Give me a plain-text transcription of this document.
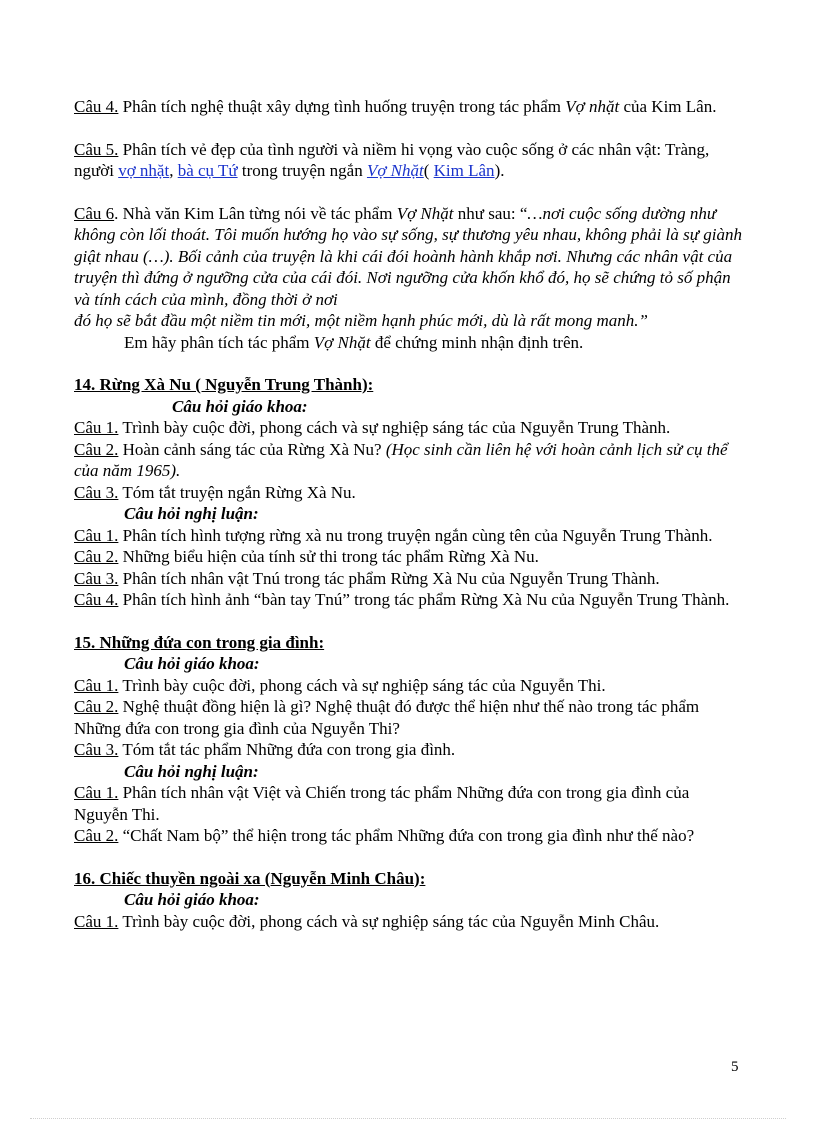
Câu 4. Phân tích nghệ thuật xây dựng tình huống truyện trong tác phẩm Vợ nhặt của Kim Lân.

Câu 5. Phân tích vẻ đẹp của tình người và niềm hi vọng vào cuộc sống ở các nhân vật: Tràng, người vợ nhặt, bà cụ Tứ trong truyện ngắn Vợ Nhặt( Kim Lân).

Câu 6. Nhà văn Kim Lân từng nói về tác phẩm Vợ Nhặt như sau: “…nơi cuộc sống dường như không còn lối thoát. Tôi muốn hướng họ vào sự sống, sự thương yêu nhau, không phải là sự giành giật nhau (…). Bối cảnh của truyện là khi cái đói hoành hành khắp nơi. Nhưng các nhân vật của truyện thì đứng ở ngưỡng cửa của cái đói. Nơi ngưỡng cửa khốn khổ đó, họ sẽ chứng tỏ số phận và tính cách của mình, đồng thời ở nơi

đó họ sẽ bắt đầu một niềm tin mới, một niềm hạnh phúc mới, dù là rất mong manh.”

Em hãy phân tích tác phẩm Vợ Nhặt để chứng minh nhận định trên.

14. Rừng Xà Nu ( Nguyễn Trung Thành):

Câu hỏi giáo khoa:

Câu 1. Trình bày cuộc đời, phong cách và sự nghiệp sáng tác của Nguyễn Trung Thành.

Câu 2. Hoàn cảnh sáng tác của Rừng Xà Nu? (Học sinh cần liên hệ với hoàn cảnh lịch sử cụ thể của năm 1965).

Câu 3. Tóm tắt truyện ngắn Rừng Xà Nu.

Câu hỏi nghị luận:

Câu 1. Phân tích hình tượng rừng xà nu trong truyện ngắn cùng tên của Nguyễn Trung Thành.

Câu 2. Những biểu hiện của tính sử thi trong tác phẩm Rừng Xà Nu.

Câu 3. Phân tích nhân vật Tnú trong tác phẩm Rừng Xà Nu của Nguyễn Trung Thành.

Câu 4. Phân tích hình ảnh “bàn tay Tnú” trong tác phẩm Rừng Xà Nu của Nguyễn Trung Thành.

15. Những đứa con trong gia đình:

Câu hỏi giáo khoa:

Câu 1. Trình bày cuộc đời, phong cách và sự nghiệp sáng tác của Nguyễn Thi.

Câu 2. Nghệ thuật đồng hiện là gì? Nghệ thuật đó được thể hiện như thế nào trong tác phẩm Những đứa con trong gia đình của Nguyễn Thi?

Câu 3. Tóm tắt tác phẩm Những đứa con trong gia đình.

Câu hỏi nghị luận:

Câu 1. Phân tích nhân vật Việt và Chiến trong tác phẩm Những đứa con trong gia đình của Nguyễn Thi.

Câu 2. “Chất Nam bộ” thể hiện trong tác phẩm Những đứa con trong gia đình như thế nào?

16. Chiếc thuyền ngoài xa (Nguyễn Minh Châu):

Câu hỏi giáo khoa:

Câu 1. Trình bày cuộc đời, phong cách và sự nghiệp sáng tác của Nguyễn Minh Châu.

5
